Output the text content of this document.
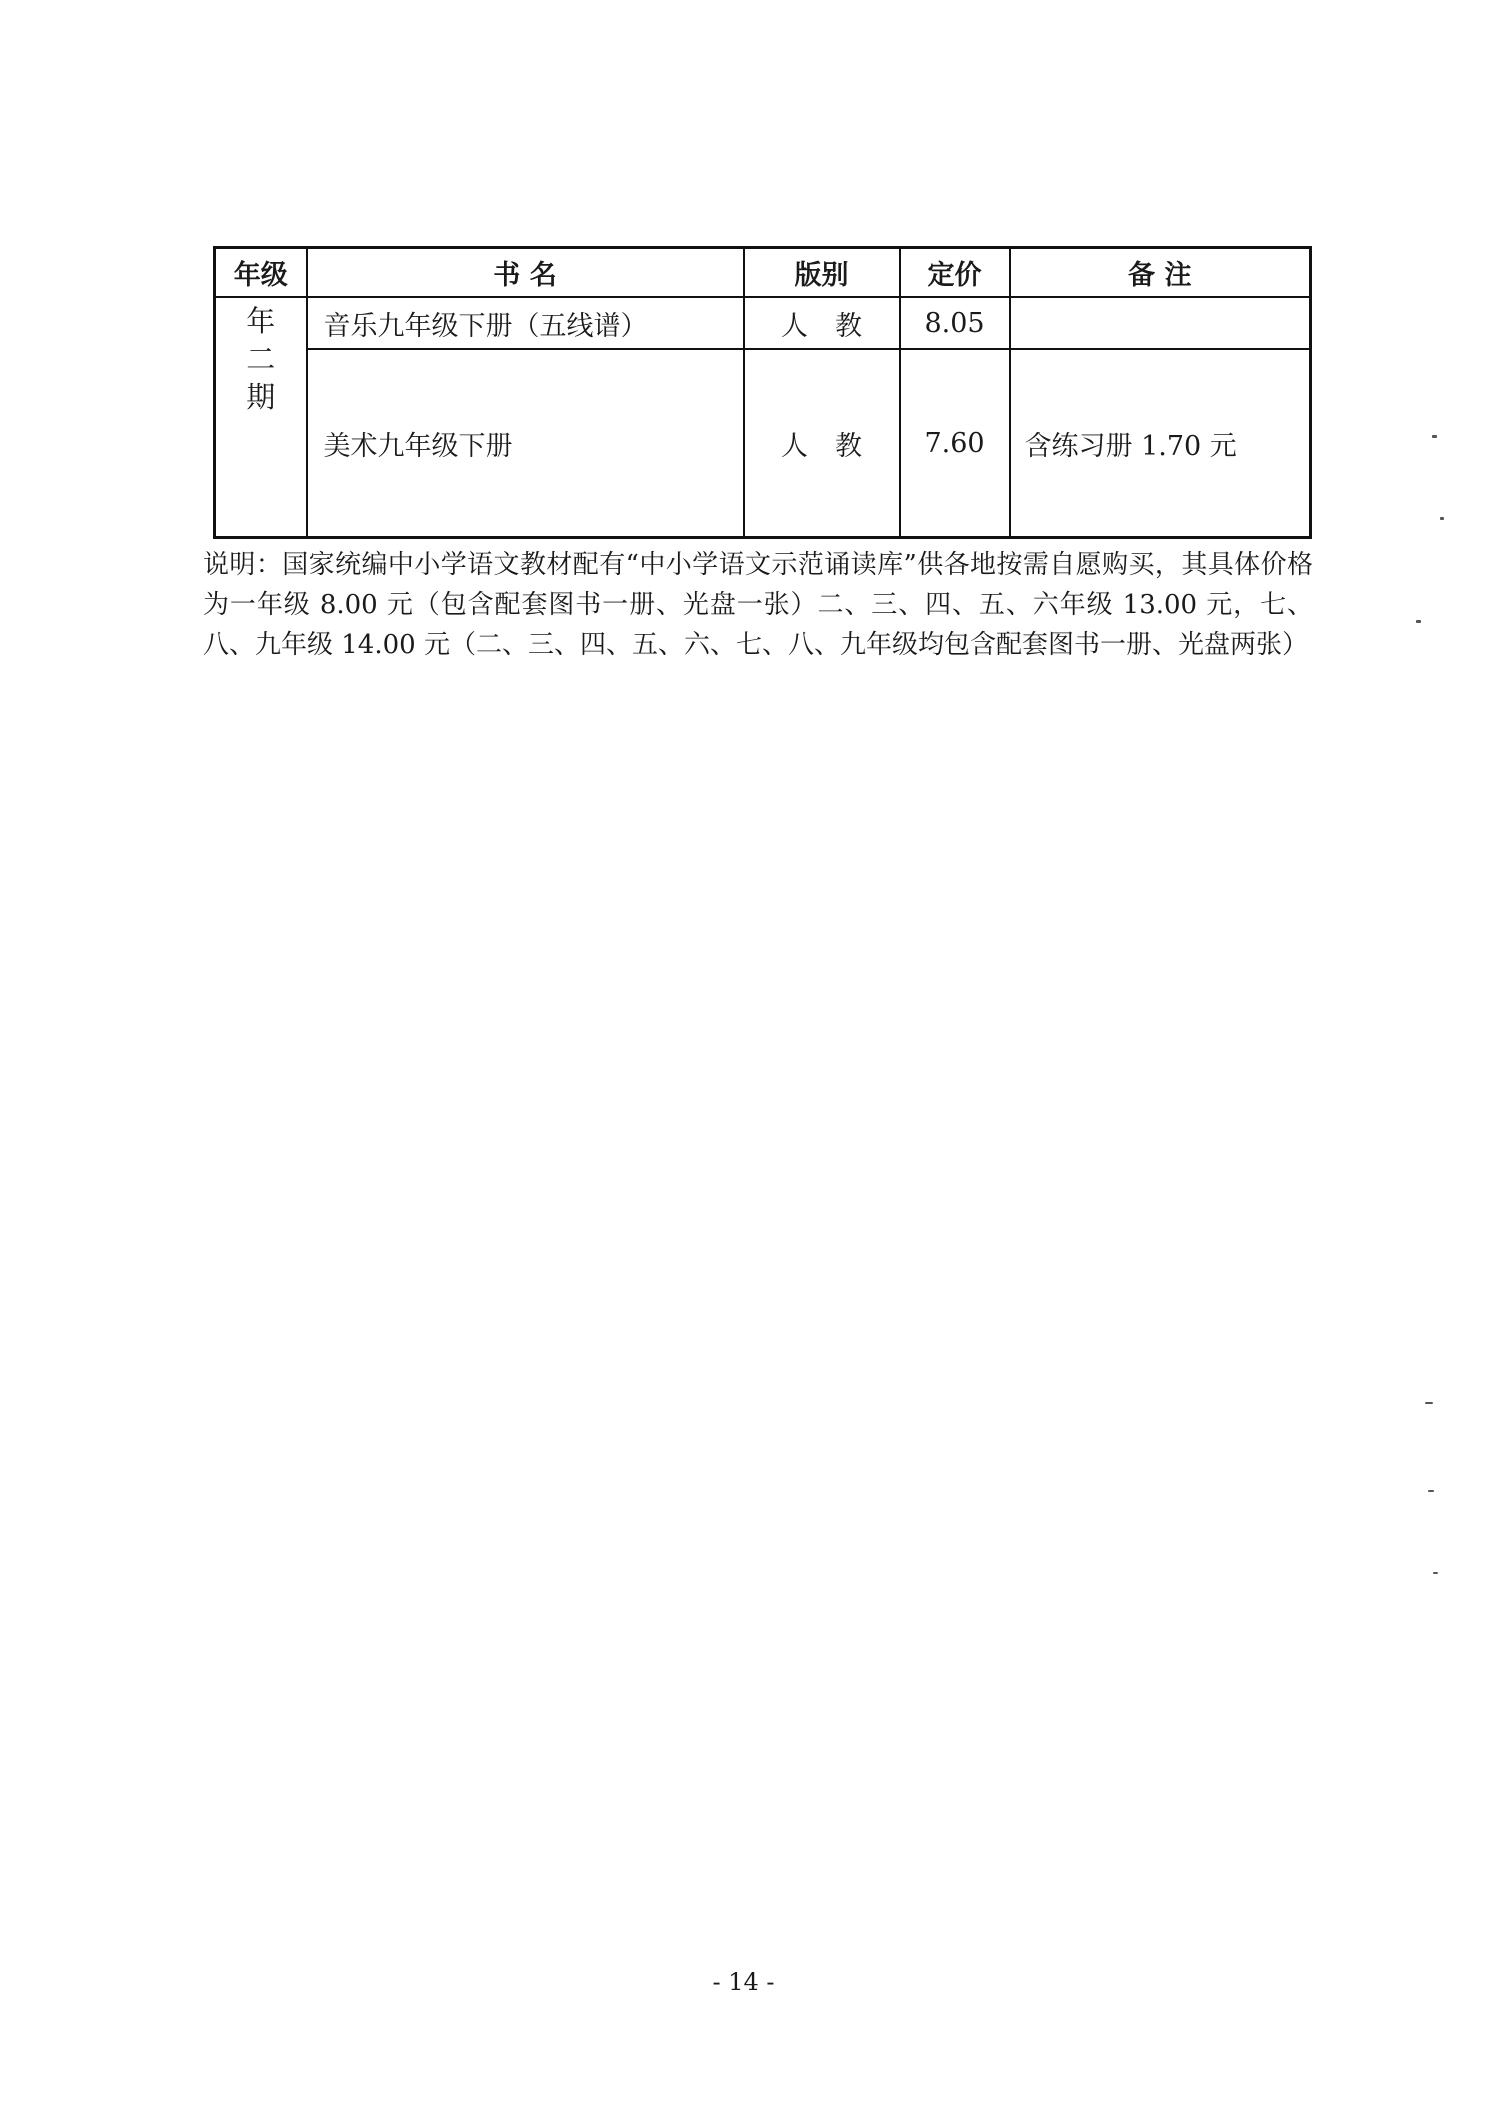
年级	书 名	版别	定价	备 注

年二期	音乐九年级下册（五线谱）	人　教	8.05	
	美术九年级下册	人　教	7.60	含练习册 1.70 元

说明：国家统编中小学语文教材配有“中小学语文示范诵读库”供各地按需自愿购买，其具体价格为一年级 8.00 元（包含配套图书一册、光盘一张）二、三、四、五、六年级 13.00 元，七、八、九年级 14.00 元（二、三、四、五、六、七、八、九年级均包含配套图书一册、光盘两张）

- 14 -
